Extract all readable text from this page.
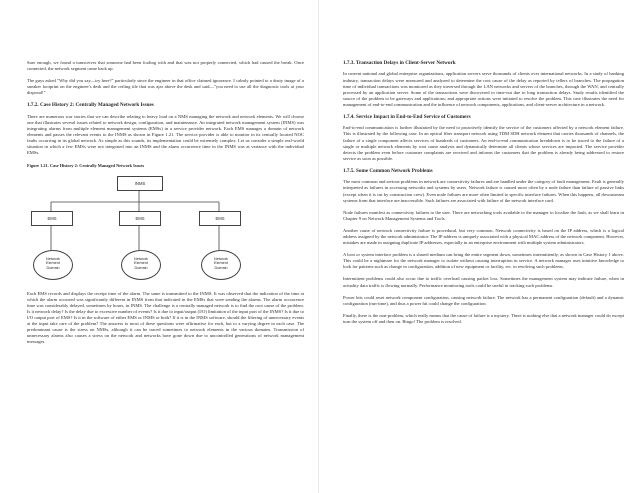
Sure enough, we found a transceiver that someone had been fooling with and that was not properly connected, which had caused the break. Once connected, the network segment came back up.

The guys asked "Why did you say—try here?" particularly since the engineer in that office claimed ignorance. I calmly pointed to a dusty image of a sneaker footprint on the engineer's desk and the ceiling tile that was ajar above the desk and said—"you need to use all the diagnostic tools at your disposal!"

1.7.2. Case History 2: Centrally Managed Network Issues

There are numerous war stories that we can describe relating to heavy load on a NMS managing the network and network elements. We will choose one that illustrates several issues related to network design, configuration, and maintenance. An integrated network management system (INMS) was integrating alarms from multiple element management systems (EMSs) in a service provider network. Each EMS manages a domain of network elements and passes the relevant events to the INMS as shown in Figure 1.21. The service provider is able to monitor in its centrally located NOC faults occurring in its global network. As simple as this sounds, its implementation could be extremely complex. Let us consider a simple real-world situation in which a few EMSs were not integrated into an INMS and the alarm occurrence time in the INMS was at variance with the individual EMSs.

Figure 1.21. Case History 2: Centrally Managed Network Issues
INMS
EMS	EMS	EMS
Network
Element
Domain
Network
Element
Domain
Network
Element
Domain

Each EMS records and displays the receipt time of the alarm. The same is transmitted to the INMS. It was observed that the indication of the time at which the alarm occurred was significantly different in INMS from that indicated in the EMSs that were sending the alarms. The alarm occurrence time was considerably delayed, sometimes by hours, in INMS. The challenge is a centrally managed network is to find the root cause of the problem. Is it network delay? Is the delay due to excessive number of events? Is it due to input/output (I/O) limitation of the input port of the INMS? Is it due to I/O output port of EMS? Is it in the software of either EMS or INMS or both? If it is in the INMS software, should the filtering of unnecessary events at the input take care of the problem? The answers to most of these questions were affirmative for each, but to a varying degree in each case. The predominant cause is the stress on NMSs, although it can be traced sometimes to network elements in the various domains. Transmission of unnecessary alarms also causes a stress on the network and networks have gone down due to uncontrolled generations of network management messages.

1.7.3. Transaction Delays in Client-Server Network

In current national and global enterprise organizations, application servers serve thousands of clients over international networks. In a study of banking industry, transaction delays were measured and analyzed to determine the root cause of the delay as reported by tellers of branches. The propagation time of individual transactions was monitored as they traversed through the LAN networks and servers of the branches, through the WAN, and centrally processed by an application server. Some of the transactions were discovered to time-out due to long transaction delays. Study results identified the source of the problem to be gateways and applications; and appropriate actions were initiated to resolve the problem. This case illustrates the need for management of end-to-end communication and the influence of network components, applications, and client-server architecture in a network.

1.7.4. Service Impact in End-to-End Service of Customers

End-to-end communication is further illustrated by the need to proactively identify the service of the customers affected by a network element failure. This is illustrated by the following case. In an optical fiber transport network using TDM SDH network element that carries thousands of channels, the failure of a single component affects services of hundreds of customers. An end-to-end communication breakdown is to be traced to the failure of a single or multiple network elements by root cause analysis and dynamically determine all clients whose services are impacted. The service provider detects the problem even before customer complaints are received and informs the customers that the problem is already being addressed to restore service as soon as possible.

1.7.5. Some Common Network Problems

The most common and serious problems in network are connectivity failures and are handled under the category of fault management. Fault is generally interpreted as failures in accessing networks and systems by users. Network failure is caused more often by a node failure than failure of passive links (except when it is cut by construction crew). Even node failures are more often limited to specific interface failures. When this happens, all downstream systems from that interface are inaccessible. Such failures are associated with failure of the network interface card.

Node failures manifest as connectivity failures to the user. There are networking tools available to the manager to localize the fault, as we shall learn in Chapter 9 on Network Management Systems and Tools.

Another cause of network connectivity failure is procedural, but very common. Network connectivity is based on the IP address, which is a logical address assigned by the network administrator. The IP address is uniquely associated with a physical MAC address of the network component. However, mistakes are made in assigning duplicate IP addresses, especially in an enterprise environment with multiple system administrators.

A host or system interface problem is a shared medium can bring the entire segment down, sometimes intermittently, as shown in Case History 1 above. This could be a nightmare for the network manager to isolate without causing interruption in service. A network manager uses intuitive knowledge to look for patterns such as change in configuration, addition of new equipment or facility, etc. in resolving such problems.

Intermittent problems could also occur due to traffic overload causing packet loss. Sometimes the management system may indicate failure, when in actuality data traffic is flowing normally. Performance monitoring tools could be useful in tracking such problems.

Power hits could reset network component configuration, causing network failure. The network has a permanent configuration (default) and a dynamic configuration (run-time), and thus a power hit could change the configuration.

Finally, there is the non-problem, which really means that the cause of failure is a mystery. There is nothing else that a network manager could do except turn the system off and then on. Bingo! The problem is resolved.
